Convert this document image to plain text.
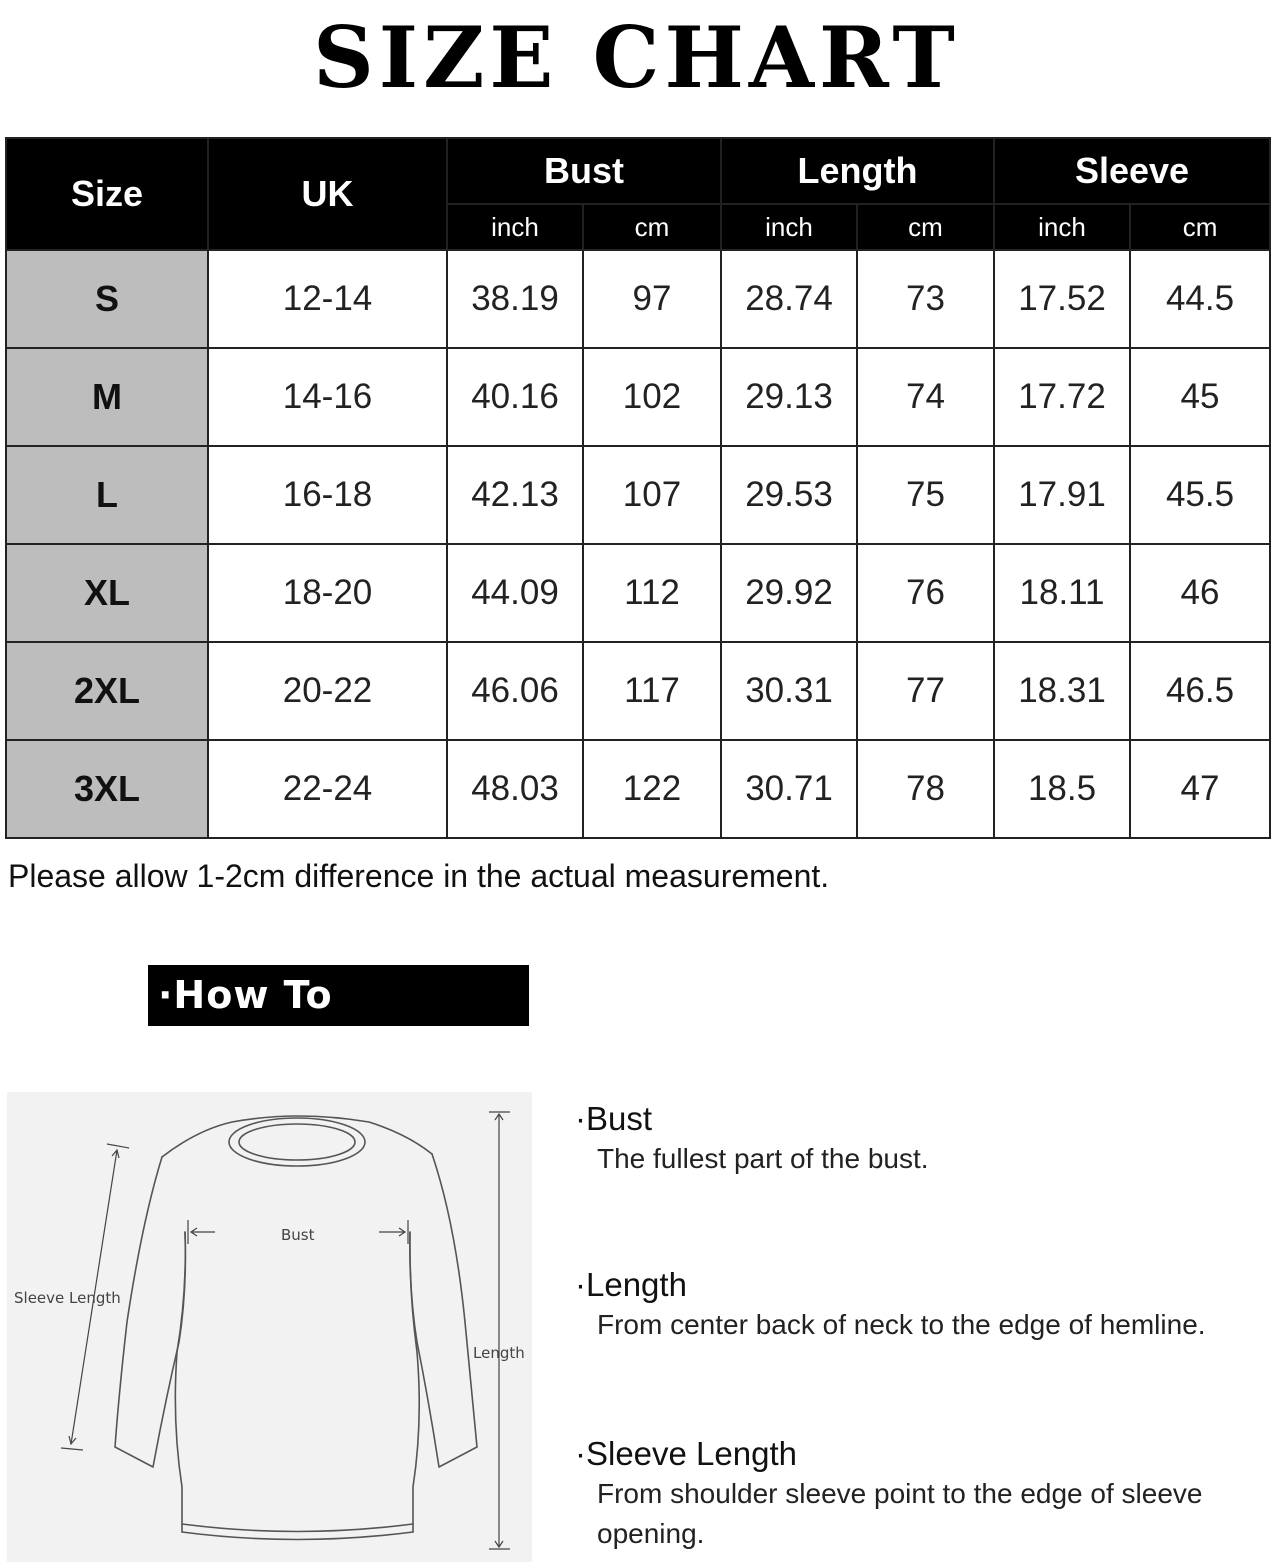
SIZE CHART
Size	UK	Bust		Length		Sleeve	
		inch	cm	inch	cm	inch	cm
S	12-14	38.19	97	28.74	73	17.52	44.5
M	14-16	40.16	102	29.13	74	17.72	45
L	16-18	42.13	107	29.53	75	17.91	45.5
XL	18-20	44.09	112	29.92	76	18.11	46
2XL	20-22	46.06	117	30.31	77	18.31	46.5
3XL	22-24	48.03	122	30.71	78	18.5	47
Please allow 1-2cm difference in the actual measurement.
·How To Measure
Bust
Sleeve Length
Length
·Bust
The fullest part of the bust.
·Length
From center back of neck to the edge of hemline.
·Sleeve Length
From shoulder sleeve point to the edge of sleeve opening.
